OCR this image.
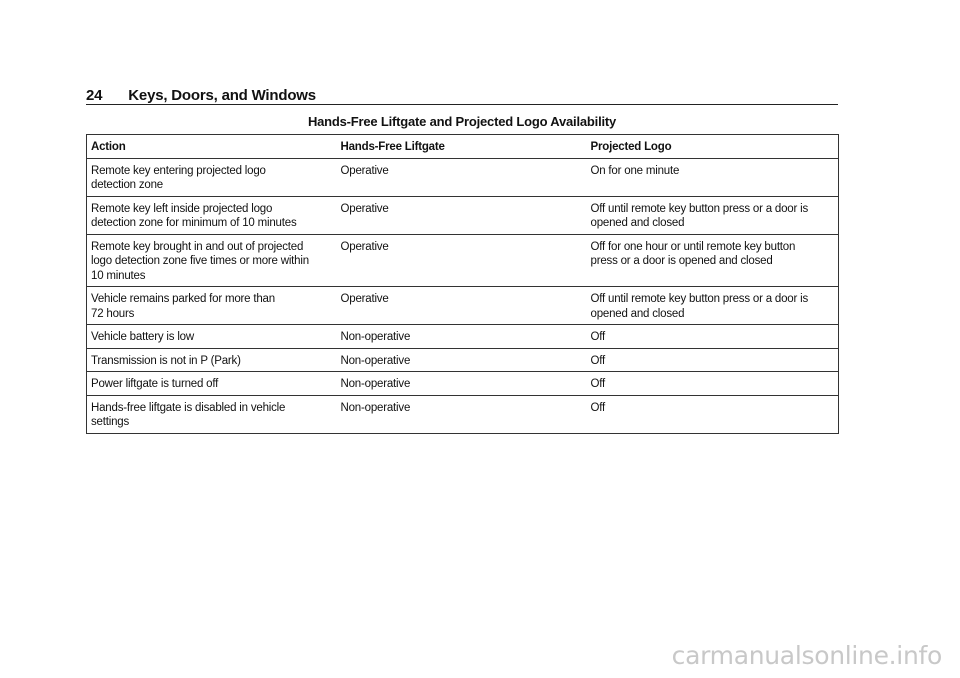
24 Keys, Doors, and Windows
Hands-Free Liftgate and Projected Logo Availability
Action	Hands-Free Liftgate	Projected Logo
Remote key entering projected logo
detection zone	Operative	On for one minute
Remote key left inside projected logo
detection zone for minimum of 10 minutes	Operative	Off until remote key button press or a door is
opened and closed
Remote key brought in and out of projected
logo detection zone five times or more within
10 minutes	Operative	Off for one hour or until remote key button
press or a door is opened and closed
Vehicle remains parked for more than
72 hours	Operative	Off until remote key button press or a door is
opened and closed
Vehicle battery is low	Non-operative	Off
Transmission is not in P (Park)	Non-operative	Off
Power liftgate is turned off	Non-operative	Off
Hands-free liftgate is disabled in vehicle
settings	Non-operative	Off
carmanualsonline.info
